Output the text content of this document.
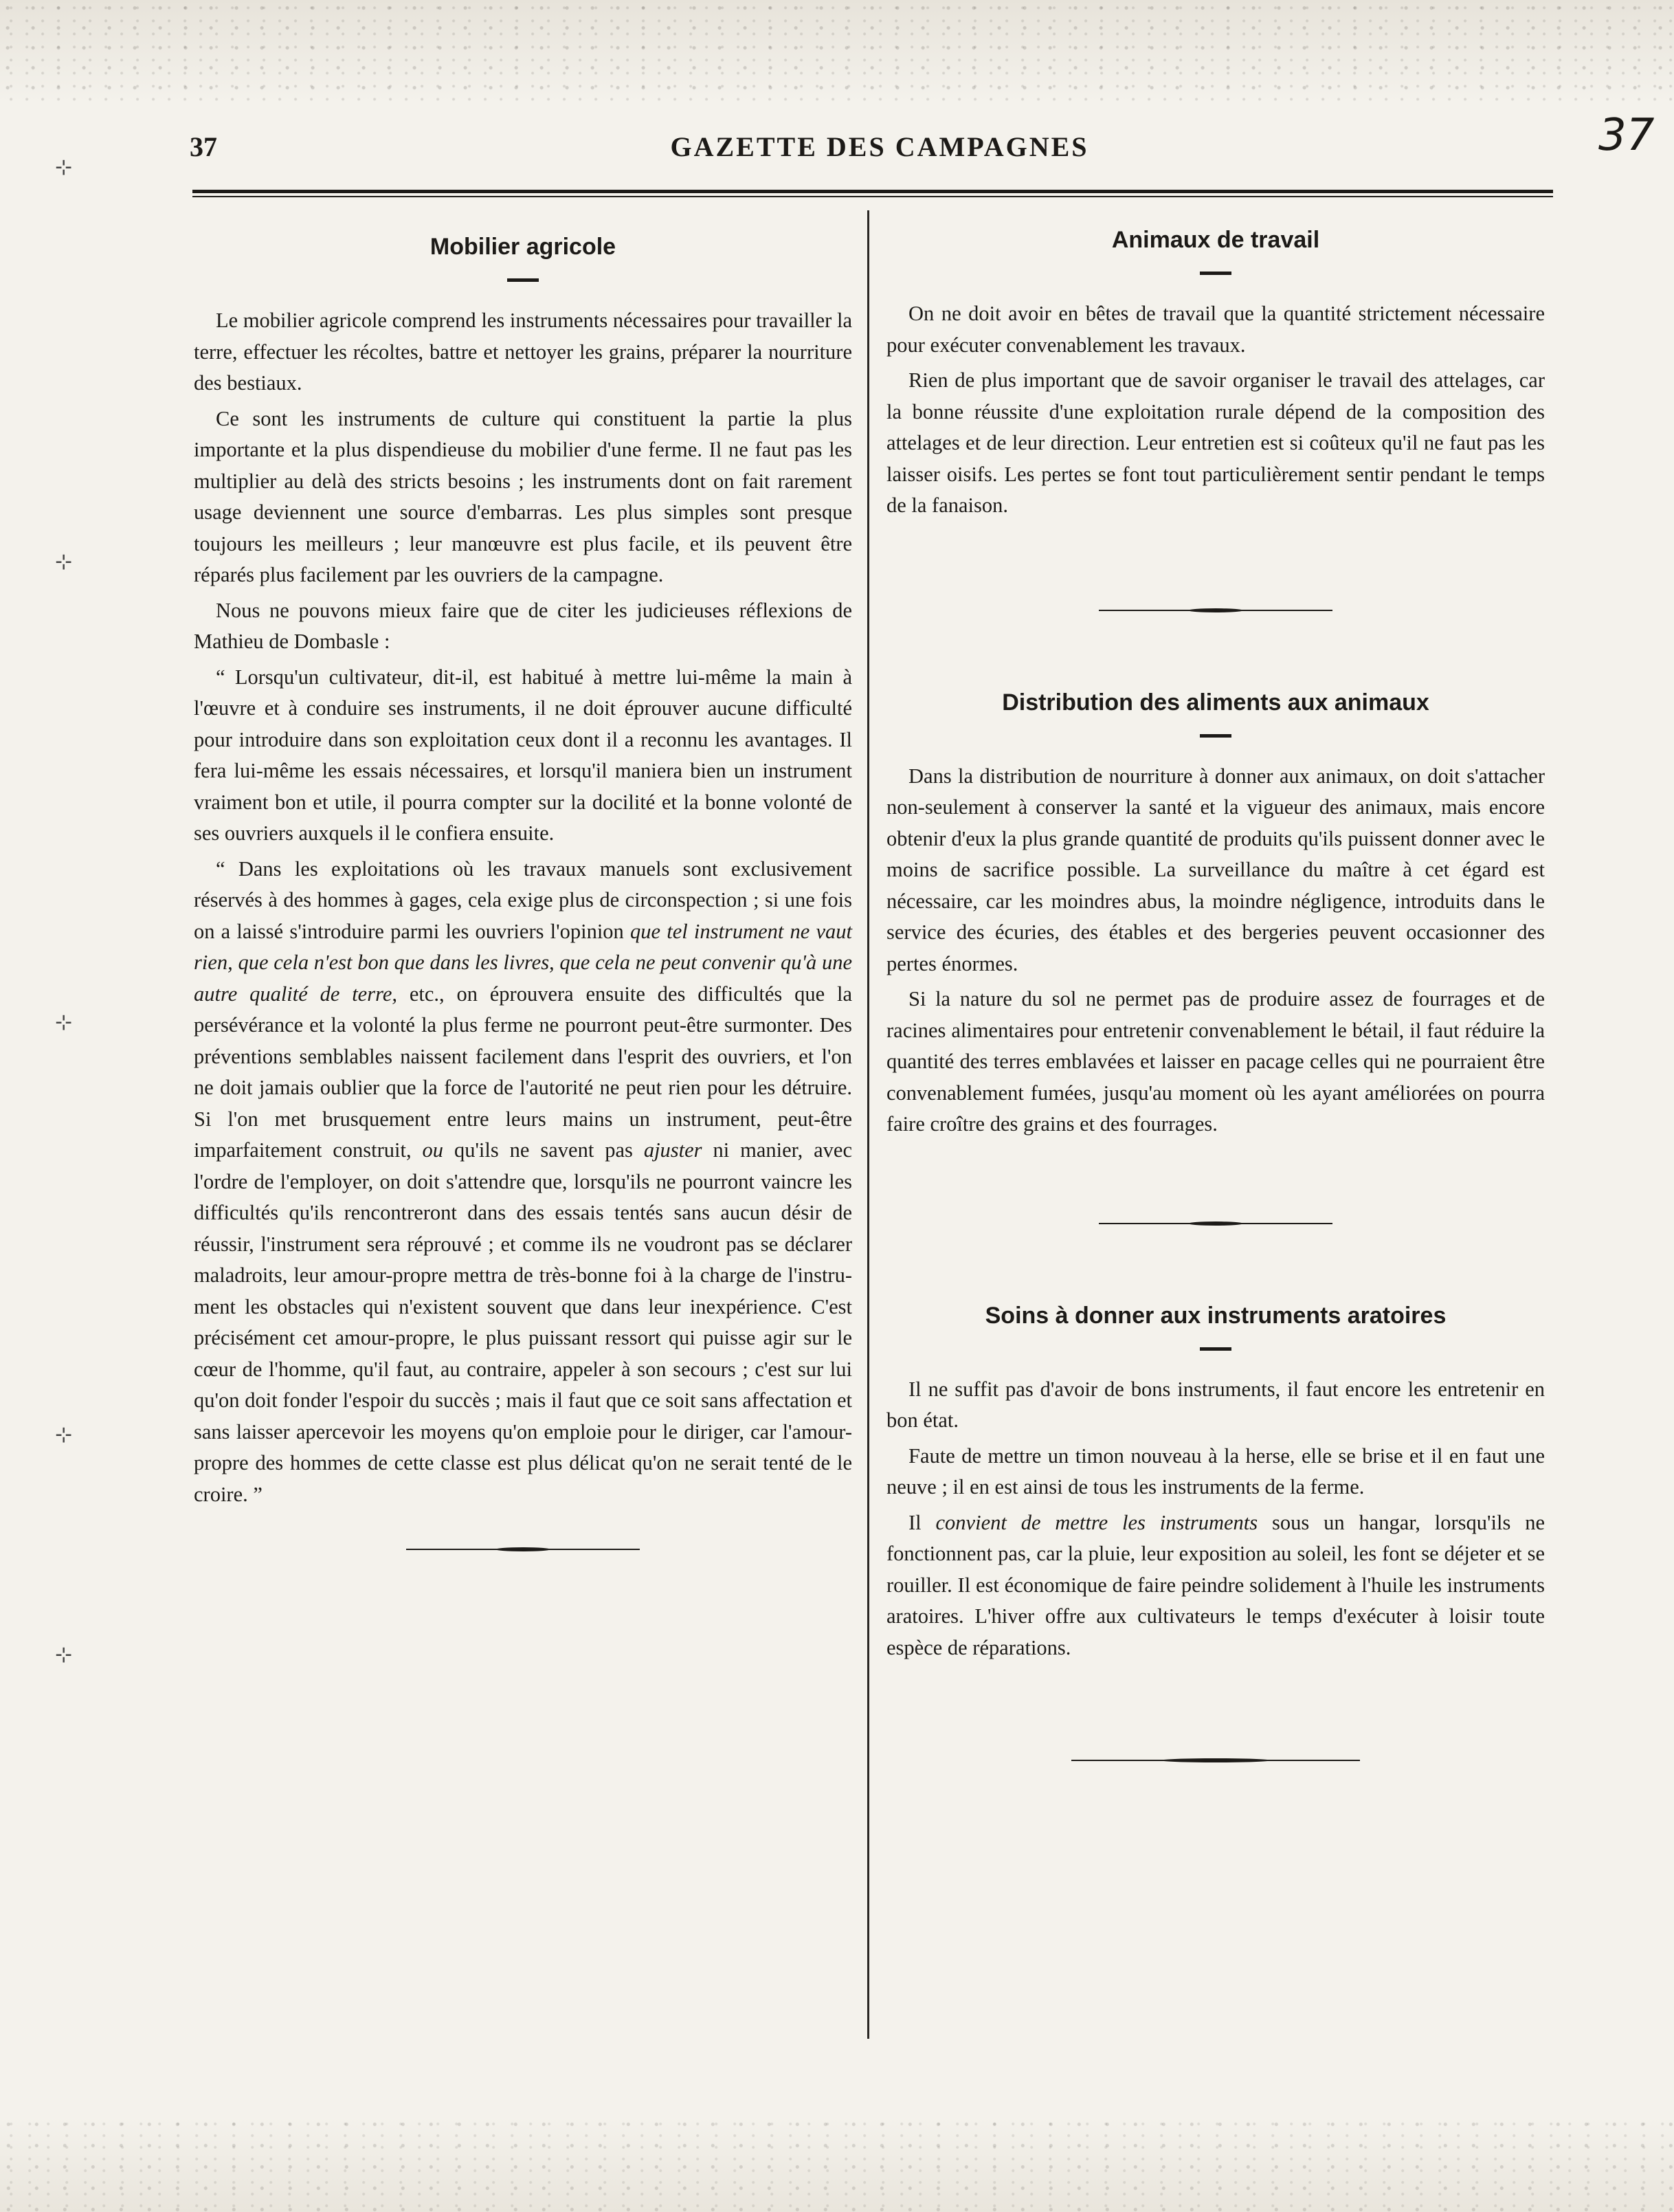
⊹
⊹
⊹
⊹
⊹
37	GAZETTE DES CAMPAGNES	37
Mobilier agricole

Le mobilier agricole comprend les instruments nécessaires pour travailler la terre, effectuer les récoltes, battre et nettoyer les grains, préparer la nourriture des bestiaux.

Ce sont les instruments de culture qui constituent la partie la plus importante et la plus dispendieuse du mobilier d'une ferme. Il ne faut pas les multiplier au delà des stricts besoins ; les instruments dont on fait rarement usage deviennent une source d'embarras. Les plus simples sont presque toujours les meilleurs ; leur manœuvre est plus facile, et ils peuvent être réparés plus facilement par les ouvriers de la campagne.

Nous ne pouvons mieux faire que de citer les judicieuses réflexions de Mathieu de Dombasle :

“ Lorsqu'un cultivateur, dit-il, est habitué à mettre lui-même la main à l'œuvre et à conduire ses instruments, il ne doit éprouver aucune difficulté pour introduire dans son exploitation ceux dont il a reconnu les avantages. Il fera lui-même les essais nécessaires, et lorsqu'il maniera bien un instrument vraiment bon et utile, il pourra compter sur la docilité et la bonne volonté de ses ouvriers auxquels il le confiera ensuite.

“ Dans les exploitations où les travaux manuels sont exclusivement réservés à des hommes à gages, cela exige plus de circonspection ; si une fois on a laissé s'introduire parmi les ouvriers l'opinion que tel instrument ne vaut rien, que cela n'est bon que dans les livres, que cela ne peut convenir qu'à une autre qualité de terre, etc., on éprouvera ensuite des difficultés que la persévérance et la volonté la plus ferme ne pourront peut-être surmonter. Des préventions semblables naissent facilement dans l'esprit des ouvriers, et l'on ne doit jamais oublier que la force de l'autorité ne peut rien pour les détruire. Si l'on met brusquement entre leurs mains un instrument, peut-être imparfaitement construit, ou qu'ils ne savent pas ajuster ni manier, avec l'ordre de l'employer, on doit s'attendre que, lorsqu'ils ne pourront vaincre les difficultés qu'ils rencontreront dans des essais tentés sans aucun désir de réussir, l'instrument sera réprouvé ; et comme ils ne voudront pas se déclarer maladroits, leur amour-propre mettra de très-bonne foi à la charge de l'instrument les obstacles qui n'existent souvent que dans leur inexpérience. C'est précisément cet amour-propre, le plus puissant ressort qui puisse agir sur le cœur de l'homme, qu'il faut, au contraire, appeler à son secours ; c'est sur lui qu'on doit fonder l'espoir du succès ; mais il faut que ce soit sans affectation et sans laisser apercevoir les moyens qu'on emploie pour le diriger, car l'amour-propre des hommes de cette classe est plus délicat qu'on ne serait tenté de le croire. ”

Animaux de travail

On ne doit avoir en bêtes de travail que la quantité strictement nécessaire pour exécuter convenablement les travaux.

Rien de plus important que de savoir organiser le travail des attelages, car la bonne réussite d'une exploitation rurale dépend de la composition des attelages et de leur direction. Leur entretien est si coûteux qu'il ne faut pas les laisser oisifs. Les pertes se font tout particulièrement sentir pendant le temps de la fanaison.

Distribution des aliments aux animaux

Dans la distribution de nourriture à donner aux animaux, on doit s'attacher non-seulement à conserver la santé et la vigueur des animaux, mais encore obtenir d'eux la plus grande quantité de produits qu'ils puissent donner avec le moins de sacrifice possible. La surveillance du maître à cet égard est nécessaire, car les moindres abus, la moindre négligence, introduits dans le service des écuries, des étables et des bergeries peuvent occasionner des pertes énormes.

Si la nature du sol ne permet pas de produire assez de fourrages et de racines alimentaires pour entretenir convenablement le bétail, il faut réduire la quantité des terres emblavées et laisser en pacage celles qui ne pourraient être convenablement fumées, jusqu'au moment où les ayant améliorées on pourra faire croître des grains et des fourrages.

Soins à donner aux instruments aratoires

Il ne suffit pas d'avoir de bons instruments, il faut encore les entretenir en bon état.

Faute de mettre un timon nouveau à la herse, elle se brise et il en faut une neuve ; il en est ainsi de tous les instruments de la ferme.

Il convient de mettre les instruments sous un hangar, lorsqu'ils ne fonctionnent pas, car la pluie, leur exposition au soleil, les font se déjeter et se rouiller. Il est économique de faire peindre solidement à l'huile les instruments aratoires. L'hiver offre aux cultivateurs le temps d'exécuter à loisir toute espèce de réparations.
